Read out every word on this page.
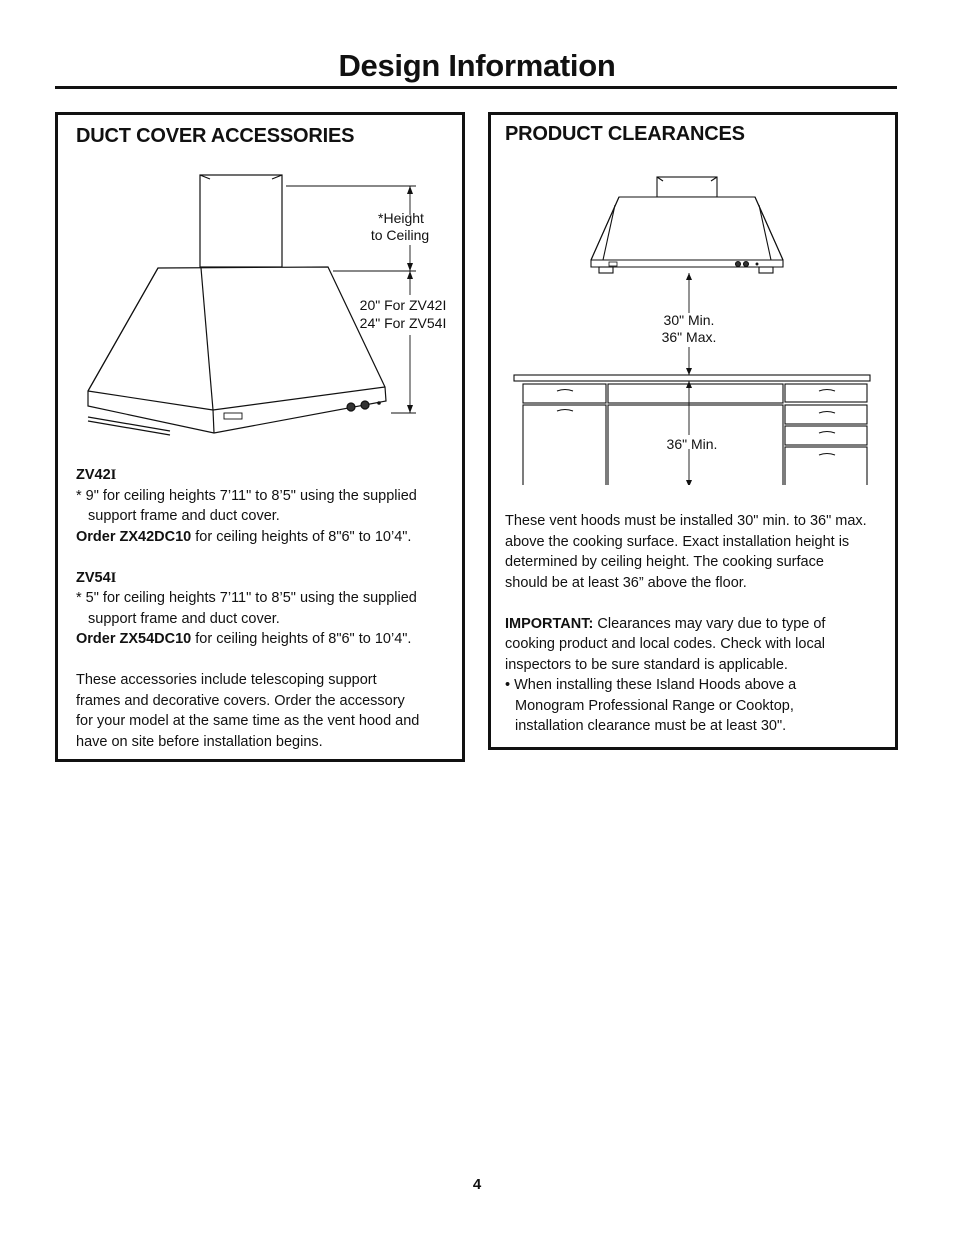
Design Information
DUCT COVER ACCESSORIES
*Height
to Ceiling
20" For ZV42I
24" For ZV54I
ZV42I
* 9" for ceiling heights 7’11" to 8’5" using the supplied
support frame and duct cover.
Order ZX42DC10 for ceiling heights of 8"6" to 10’4".
ZV54I
* 5" for ceiling heights 7’11" to 8’5" using the supplied
support frame and duct cover.
Order ZX54DC10 for ceiling heights of 8"6" to 10’4".
These accessories include telescoping support
frames and decorative covers. Order the accessory
for your model at the same time as the vent hood and
have on site before installation begins.
PRODUCT CLEARANCES
30" Min.
36" Max.
36" Min.
These vent hoods must be installed 30" min. to 36" max.
above the cooking surface. Exact installation height is
determined by ceiling height. The cooking surface
should be at least 36” above the floor.
IMPORTANT: Clearances may vary due to type of
cooking product and local codes. Check with local
inspectors to be sure standard is applicable.
• When installing these Island Hoods above a
Monogram Professional Range or Cooktop,
installation clearance must be at least 30".
4
